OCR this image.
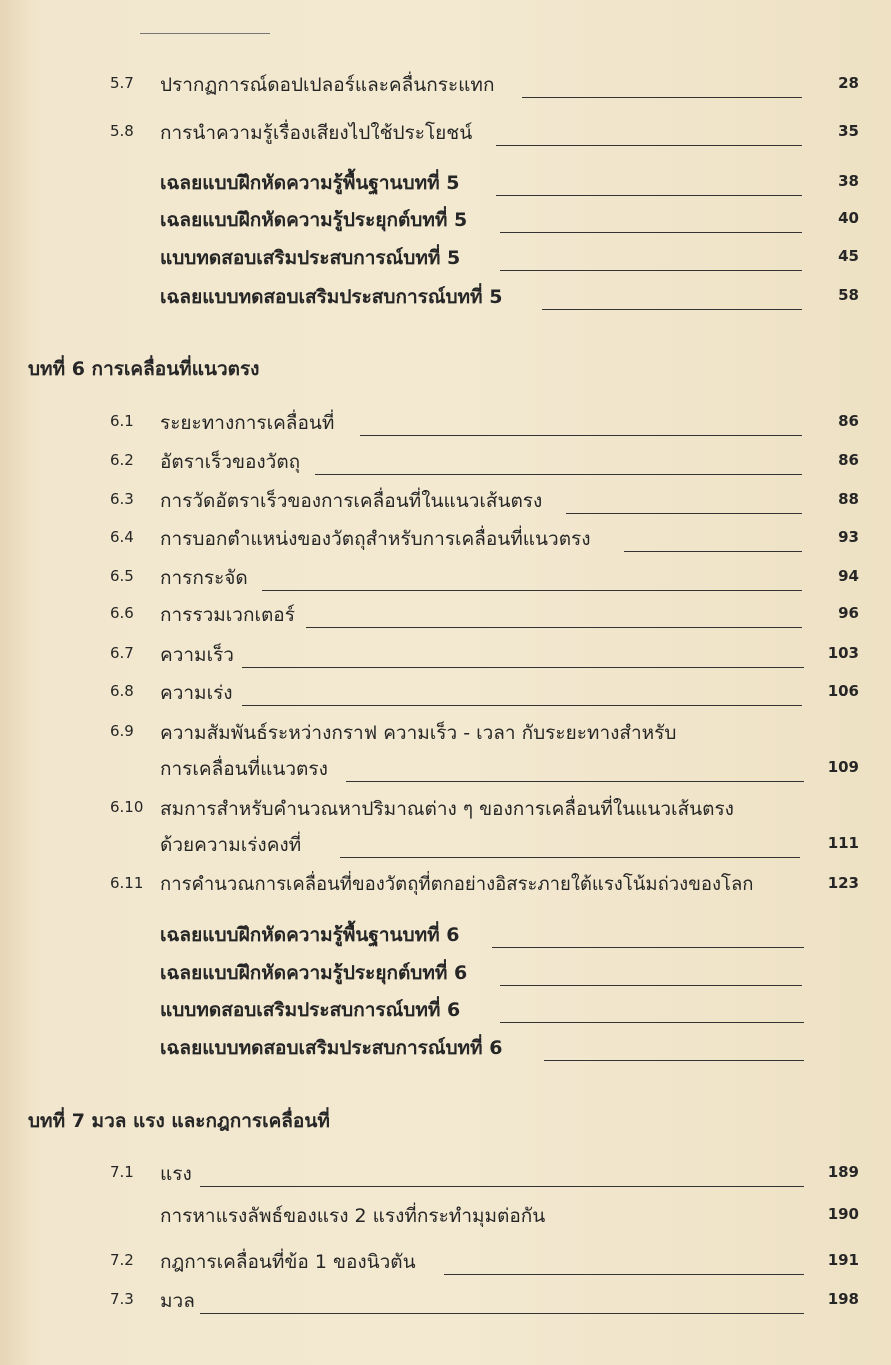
5.7 ปรากฏการณ์ดอปเปลอร์และคลื่นกระแทก	28
5.8 การนำความรู้เรื่องเสียงไปใช้ประโยชน์	35
เฉลยแบบฝึกหัดความรู้พื้นฐานบทที่ 5	38
เฉลยแบบฝึกหัดความรู้ประยุกต์บทที่ 5	40
แบบทดสอบเสริมประสบการณ์บทที่ 5	45
เฉลยแบบทดสอบเสริมประสบการณ์บทที่ 5	58
บทที่ 6 การเคลื่อนที่แนวตรง
6.1 ระยะทางการเคลื่อนที่	86
6.2 อัตราเร็วของวัตถุ	86
6.3 การวัดอัตราเร็วของการเคลื่อนที่ในแนวเส้นตรง	88
6.4 การบอกตำแหน่งของวัตถุสำหรับการเคลื่อนที่แนวตรง	93
6.5 การกระจัด	94
6.6 การรวมเวกเตอร์	96
6.7 ความเร็ว	103
6.8 ความเร่ง	106
6.9 ความสัมพันธ์ระหว่างกราฟ ความเร็ว - เวลา กับระยะทางสำหรับ
การเคลื่อนที่แนวตรง	109
6.10 สมการสำหรับคำนวณหาปริมาณต่าง ๆ ของการเคลื่อนที่ในแนวเส้นตรง
ด้วยความเร่งคงที่	111
6.11 การคำนวณการเคลื่อนที่ของวัตถุที่ตกอย่างอิสระภายใต้แรงโน้มถ่วงของโลก	123
เฉลยแบบฝึกหัดความรู้พื้นฐานบทที่ 6
เฉลยแบบฝึกหัดความรู้ประยุกต์บทที่ 6
แบบทดสอบเสริมประสบการณ์บทที่ 6
เฉลยแบบทดสอบเสริมประสบการณ์บทที่ 6
บทที่ 7 มวล แรง และกฎการเคลื่อนที่
7.1 แรง	189
การหาแรงลัพธ์ของแรง 2 แรงที่กระทำมุมต่อกัน	190
7.2 กฎการเคลื่อนที่ข้อ 1 ของนิวตัน	191
7.3 มวล	198
